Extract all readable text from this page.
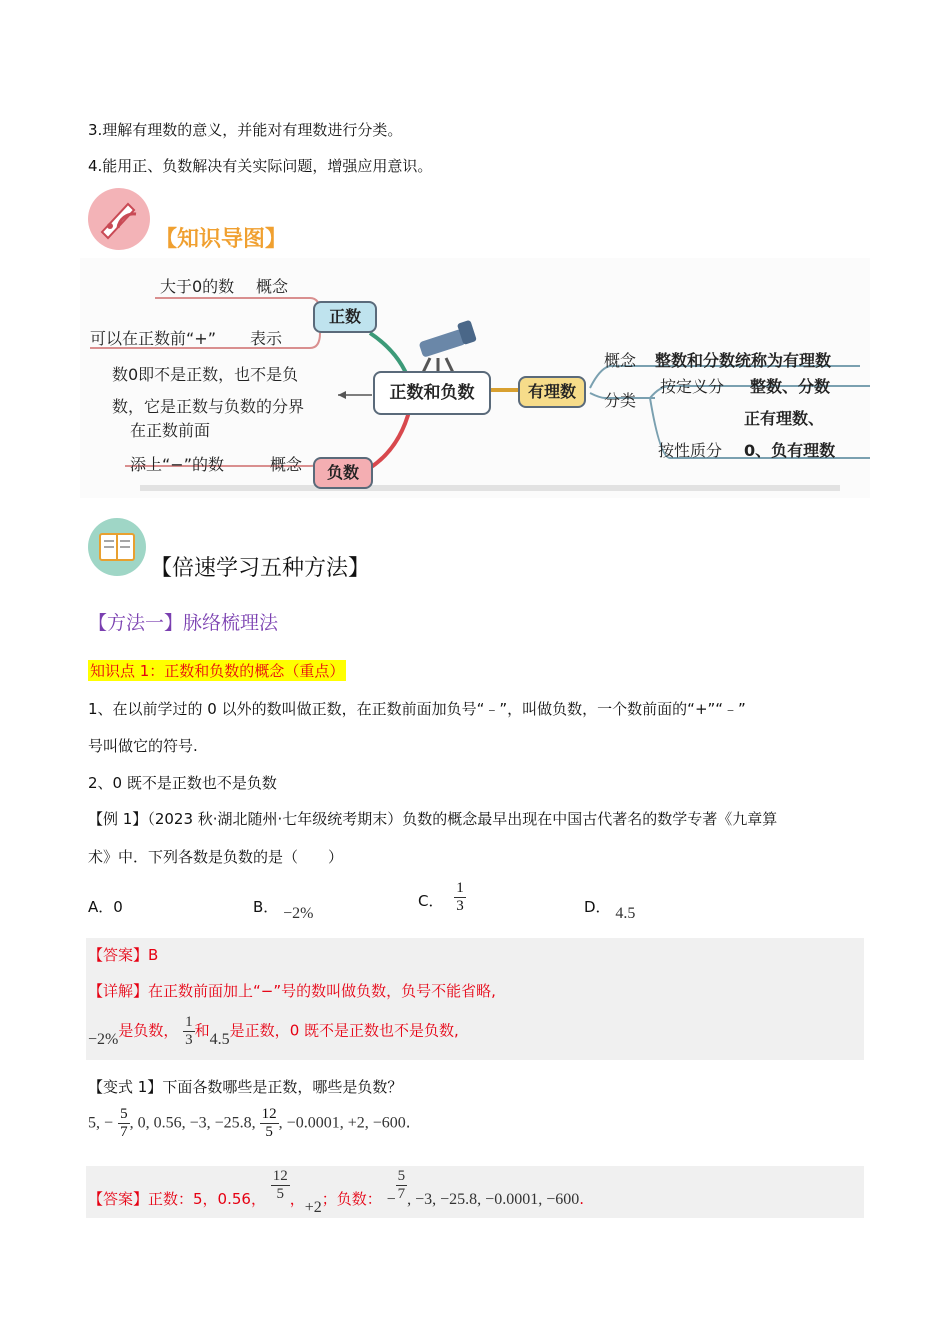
3.理解有理数的意义，并能对有理数进行分类。
4.能用正、负数解决有关实际问题，增强应用意识。
【知识导图】
大于0的数 概念
可以在正数前“+” 表示
正数
数0即不是正数，也不是负
数，它是正数与负数的分界
在正数前面
添上“−”的数	概念	负数
正数和负数	有理数
概念 整数和分数统称为有理数
分类
按定义分 整数、分数
正有理数、
按性质分 0、负有理数
【倍速学习五种方法】
【方法一】脉络梳理法
知识点 1：正数和负数的概念（重点）
1、在以前学过的 0 以外的数叫做正数，在正数前面加负号“﹣”，叫做负数，一个数前面的“+”“﹣”
号叫做它的符号.
2、0 既不是正数也不是负数
【例 1】（2023 秋·湖北随州·七年级统考期末）负数的概念最早出现在中国古代著名的数学专著《九章算
术》中．下列各数是负数的是（　　）
A．0	B． −2%
C． $\frac{1}{3}$	D． 4.5
【答案】B
【详解】在正数前面加上“−”号的数叫做负数，负号不能省略,
−2%是负数， $\frac{1}{3}$ 和4.5是正数，0 既不是正数也不是负数,
【变式 1】下面各数哪些是正数，哪些是负数？
5, − $\frac{5}{7}$ , 0, 0.56, −3, −25.8, $\frac{12}{5}$ , −0.0001, +2, −600.
【答案】正数：5，0.56， $\frac{12}{5}$ ，+2；负数： − $\frac{5}{7}$ , −3, −25.8, −0.0001, −600.
